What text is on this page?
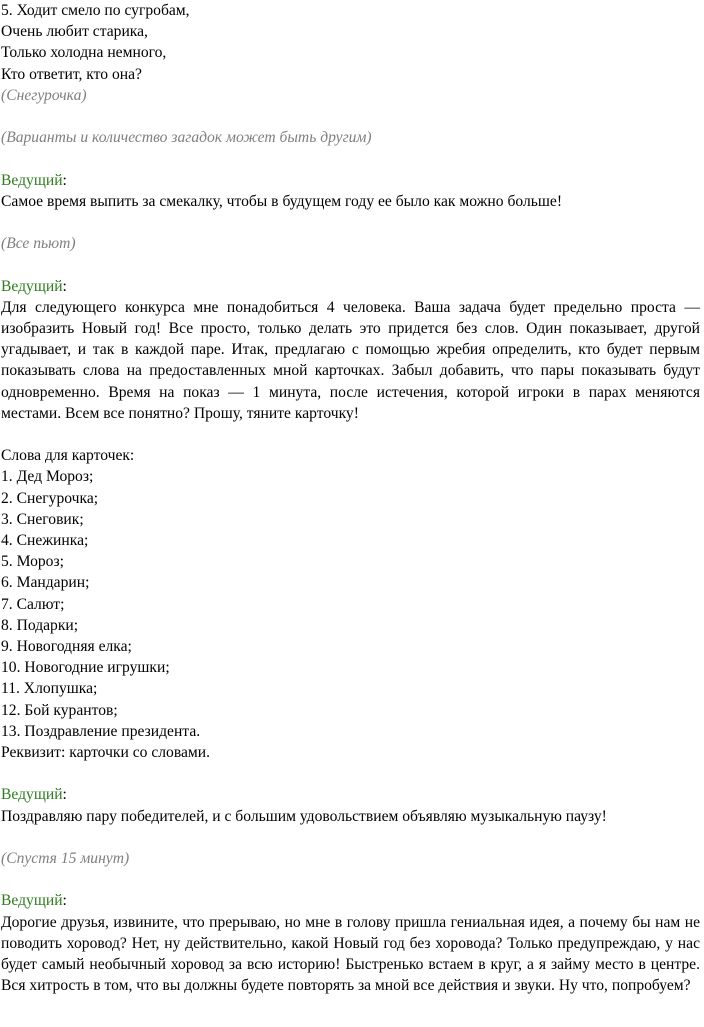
5. Ходит смело по сугробам,
Очень любит старика,
Только холодна немного,
Кто ответит, кто она?
(Снегурочка)
(Варианты и количество загадок может быть другим)
Ведущий:
Самое время выпить за смекалку, чтобы в будущем году ее было как можно больше!
(Все пьют)
Ведущий:
Для следующего конкурса мне понадобиться 4 человека. Ваша задача будет предельно проста — изобразить Новый год! Все просто, только делать это придется без слов. Один показывает, другой угадывает, и так в каждой паре. Итак, предлагаю с помощью жребия определить, кто будет первым показывать слова на предоставленных мной карточках. Забыл добавить, что пары показывать будут одновременно. Время на показ — 1 минута, после истечения, которой игроки в парах меняются местами. Всем все понятно? Прошу, тяните карточку!
Слова для карточек:
1. Дед Мороз;
2. Снегурочка;
3. Снеговик;
4. Снежинка;
5. Мороз;
6. Мандарин;
7. Салют;
8. Подарки;
9. Новогодняя елка;
10. Новогодние игрушки;
11. Хлопушка;
12. Бой курантов;
13. Поздравление президента.
Реквизит: карточки со словами.
Ведущий:
Поздравляю пару победителей, и с большим удовольствием объявляю музыкальную паузу!
(Спустя 15 минут)
Ведущий:
Дорогие друзья, извините, что прерываю, но мне в голову пришла гениальная идея, а почему бы нам не поводить хоровод? Нет, ну действительно, какой Новый год без хоровода? Только предупреждаю, у нас будет самый необычный хоровод за всю историю! Быстренько встаем в круг, а я займу место в центре. Вся хитрость в том, что вы должны будете повторять за мной все действия и звуки. Ну что, попробуем?
